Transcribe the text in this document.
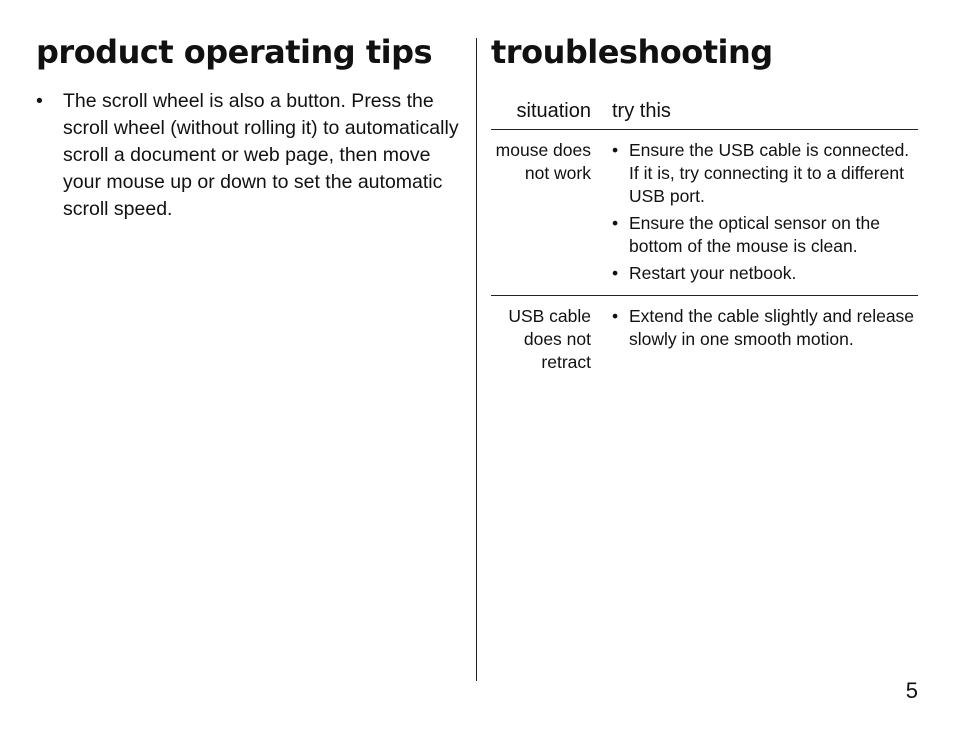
product operating tips
• The scroll wheel is also a button. Press the scroll wheel (without rolling it) to automatically scroll a document or web page, then move your mouse up or down to set the automatic scroll speed.
troubleshooting
situation try this
mouse does not work
• Ensure the USB cable is connected. If it is, try connecting it to a different USB port.
• Ensure the optical sensor on the bottom of the mouse is clean.
• Restart your netbook.
USB cable does not retract
• Extend the cable slightly and release slowly in one smooth motion.
5
